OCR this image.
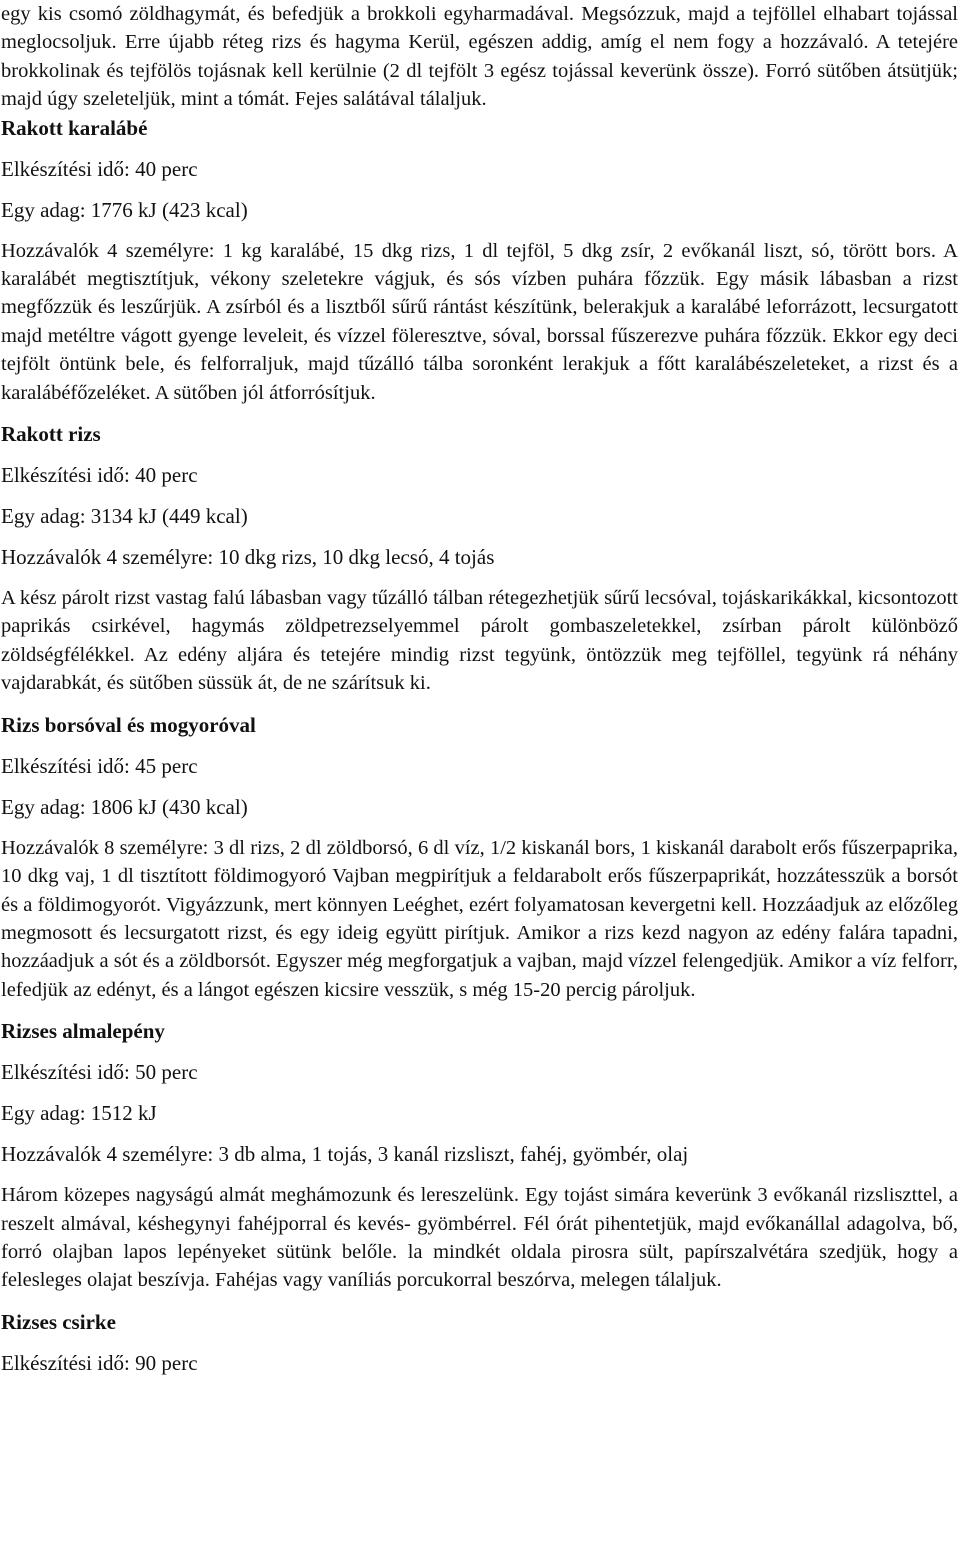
egy kis csomó zöldhagymát, és befedjük a brokkoli egyharmadával. Megsózzuk, majd a tejföllel elhabart tojással meglocsoljuk. Erre újabb réteg rizs és hagyma Kerül, egészen addig, amíg el nem fogy a hozzávaló. A tetejére brokkolinak és tejfölös tojásnak kell kerülnie (2 dl tejfölt 3 egész tojással keverünk össze). Forró sütőben átsütjük; majd úgy szeleteljük, mint a tómát. Fejes salátával tálaljuk.

Rakott karalábé

Elkészítési idő: 40 perc

Egy adag: 1776 kJ (423 kcal)

Hozzávalók 4 személyre: 1 kg karalábé, 15 dkg rizs, 1 dl tejföl, 5 dkg zsír, 2 evőkanál liszt, só, törött bors. A karalábét megtisztítjuk, vékony szeletekre vágjuk, és sós vízben puhára főzzük. Egy másik lábasban a rizst megfőzzük és leszűrjük. A zsírból és a lisztből sűrű rántást készítünk, belerakjuk a karalábé leforrázott, lecsurgatott majd metéltre vágott gyenge leveleit, és vízzel föleresztve, sóval, borssal fűszerezve puhára főzzük. Ekkor egy deci tejfölt öntünk bele, és felforraljuk, majd tűzálló tálba soronként lerakjuk a főtt karalábészeleteket, a rizst és a karalábéfőzeléket. A sütőben jól átforrósítjuk.

Rakott rizs

Elkészítési idő: 40 perc

Egy adag: 3134 kJ (449 kcal)

Hozzávalók 4 személyre: 10 dkg rizs, 10 dkg lecsó, 4 tojás

A kész párolt rizst vastag falú lábasban vagy tűzálló tálban rétegezhetjük sűrű lecsóval, tojáskarikákkal, kicsontozott paprikás csirkével, hagymás zöldpetrezselyemmel párolt gombaszeletekkel, zsírban párolt különböző zöldségfélékkel. Az edény aljára és tetejére mindig rizst tegyünk, öntözzük meg tejföllel, tegyünk rá néhány vajdarabkát, és sütőben süssük át, de ne szárítsuk ki.

Rizs borsóval és mogyoróval

Elkészítési idő: 45 perc

Egy adag: 1806 kJ (430 kcal)

Hozzávalók 8 személyre: 3 dl rizs, 2 dl zöldborsó, 6 dl víz, 1/2 kiskanál bors, 1 kiskanál darabolt erős fűszerpaprika, 10 dkg vaj, 1 dl tisztított földimogyoró Vajban megpirítjuk a feldarabolt erős fűszerpaprikát, hozzátesszük a borsót és a földimogyorót. Vigyázzunk, mert könnyen Leéghet, ezért folyamatosan kevergetni kell. Hozzáadjuk az előzőleg megmosott és lecsurgatott rizst, és egy ideig együtt pirítjuk. Amikor a rizs kezd nagyon az edény falára tapadni, hozzáadjuk a sót és a zöldborsót. Egyszer még megforgatjuk a vajban, majd vízzel felengedjük. Amikor a víz felforr, lefedjük az edényt, és a lángot egészen kicsire vesszük, s még 15-20 percig pároljuk.

Rizses almalepény

Elkészítési idő: 50 perc

Egy adag: 1512 kJ

Hozzávalók 4 személyre: 3 db alma, 1 tojás, 3 kanál rizsliszt, fahéj, gyömbér, olaj

Három közepes nagyságú almát meghámozunk és lereszelünk. Egy tojást simára keverünk 3 evőkanál rizsliszttel, a reszelt almával, késhegynyi fahéjporral és kevés- gyömbérrel. Fél órát pihentetjük, majd evőkanállal adagolva, bő, forró olajban lapos lepényeket sütünk belőle. la mindkét oldala pirosra sült, papírszalvétára szedjük, hogy a felesleges olajat beszívja. Fahéjas vagy vaníliás porcukorral beszórva, melegen tálaljuk.

Rizses csirke

Elkészítési idő: 90 perc
